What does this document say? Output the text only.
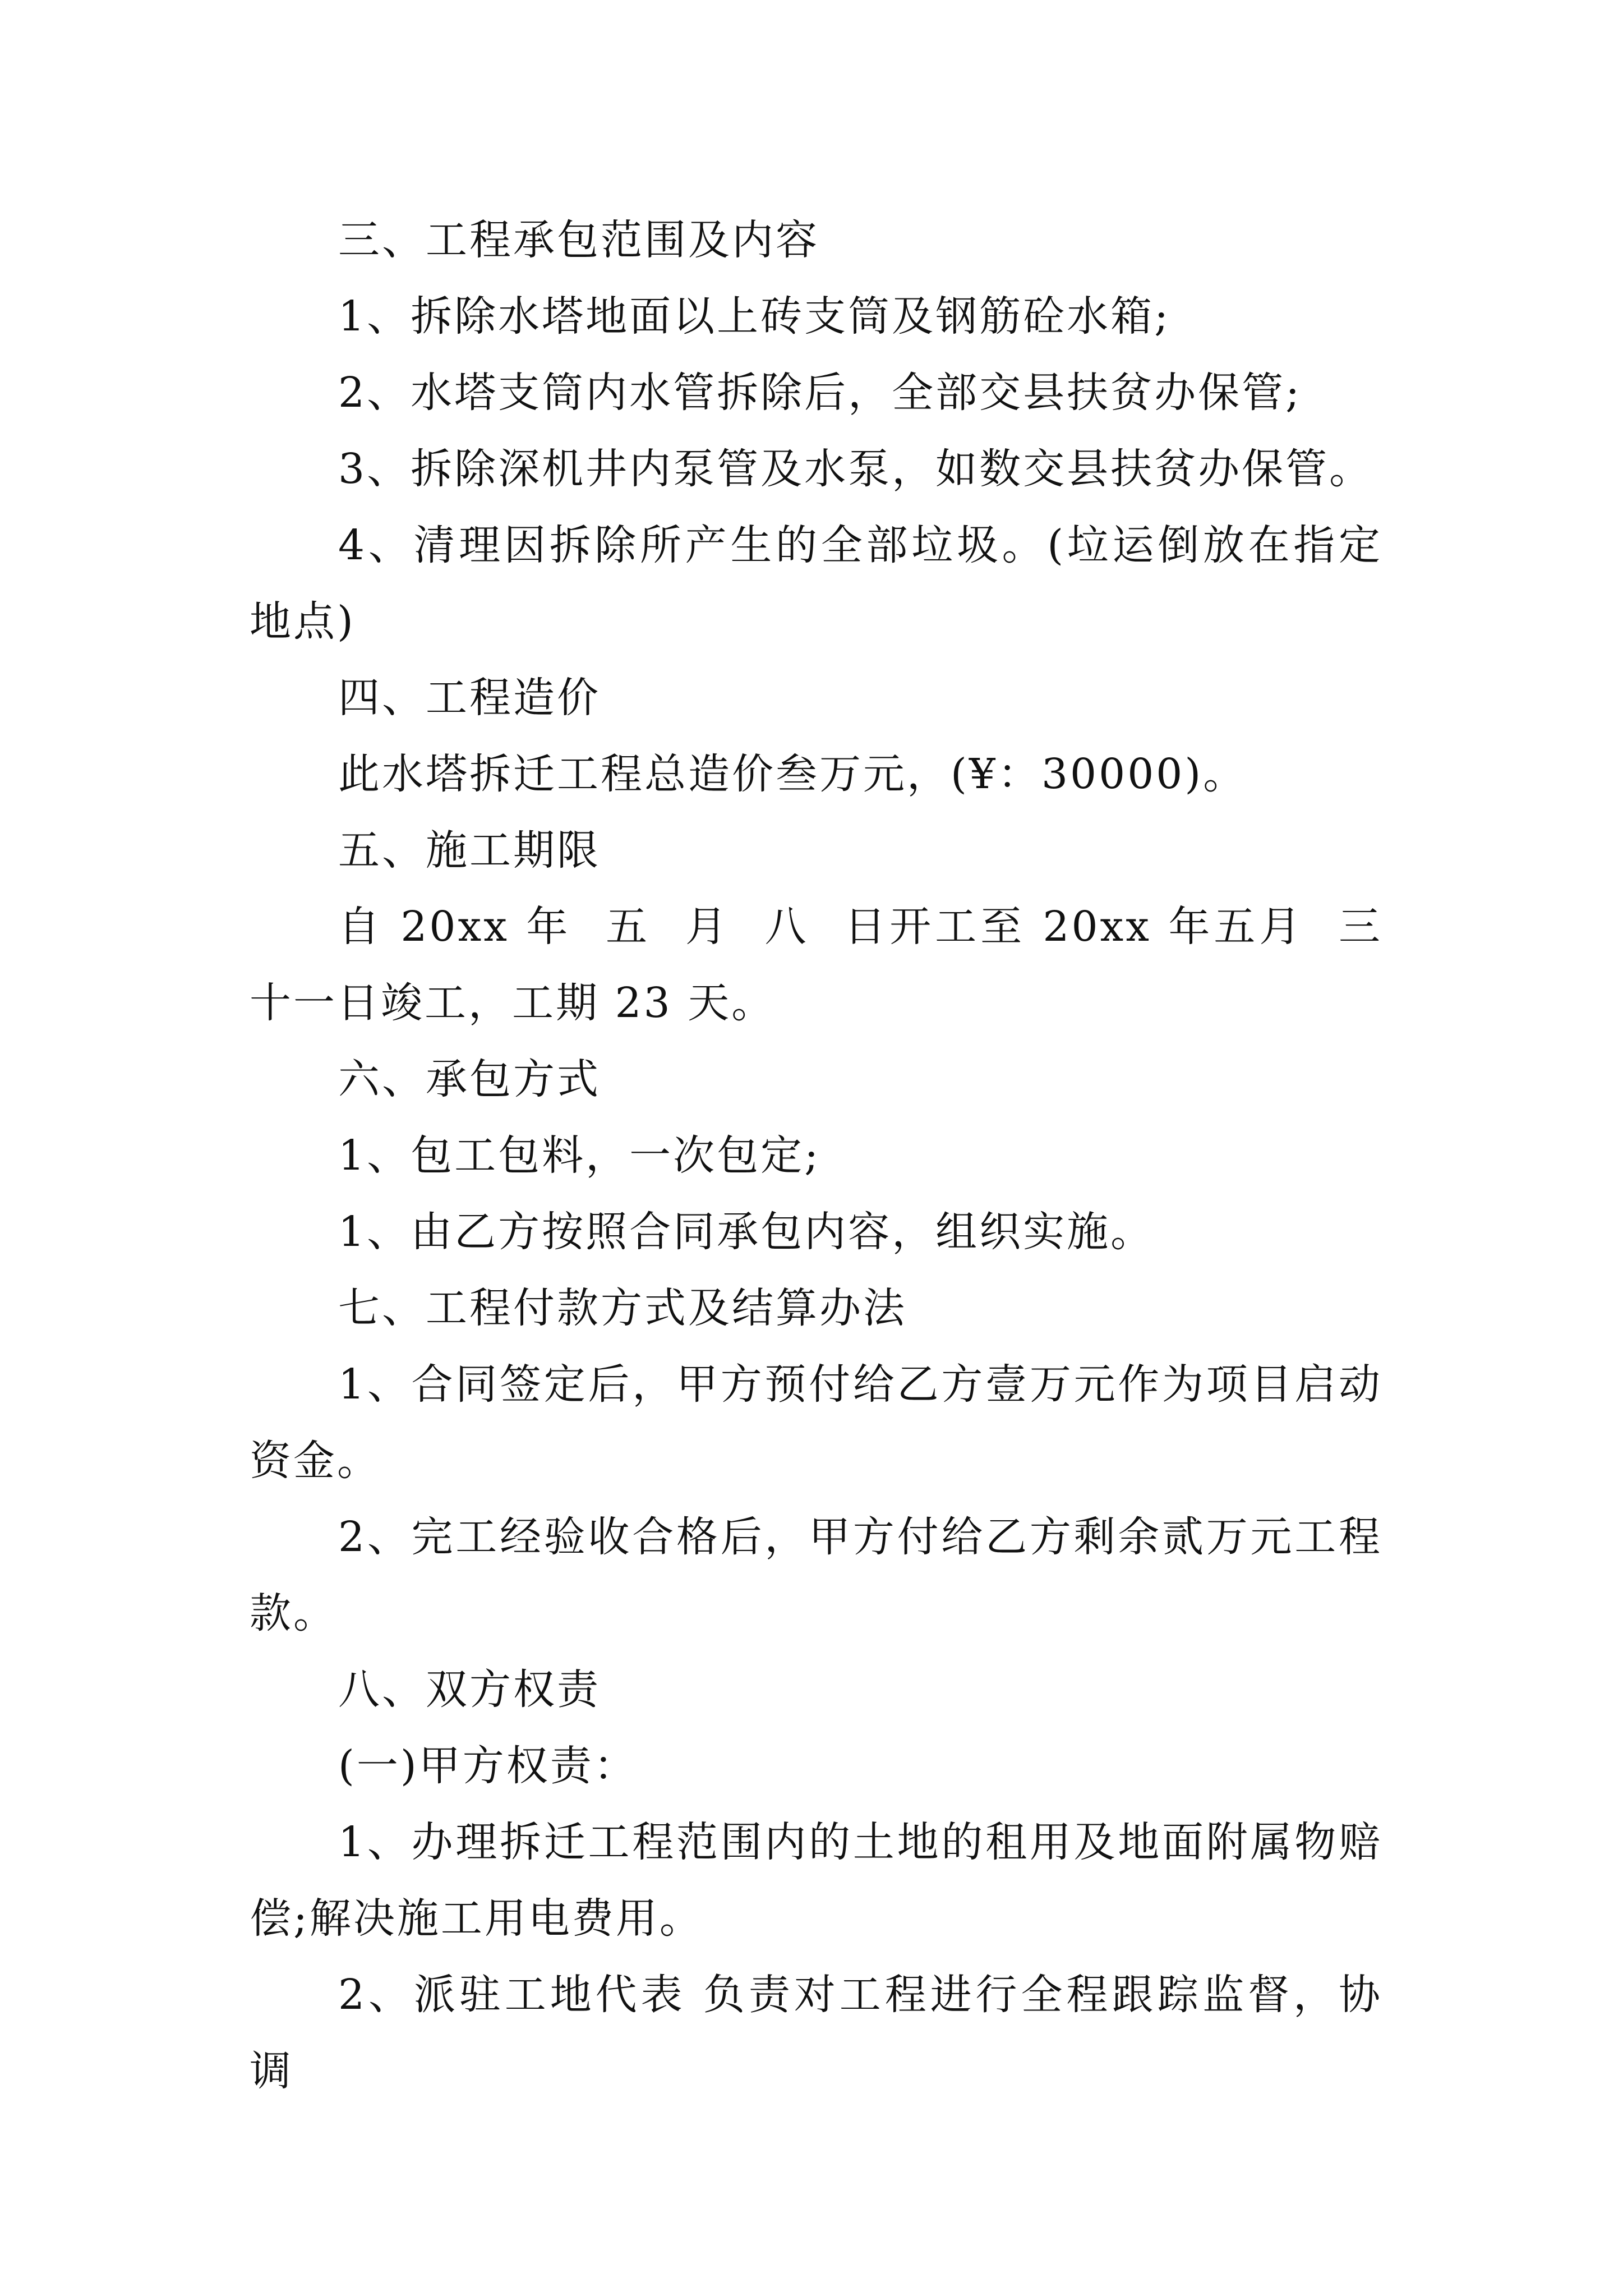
三、工程承包范围及内容

1、拆除水塔地面以上砖支筒及钢筋砼水箱;

2、水塔支筒内水管拆除后，全部交县扶贫办保管;

3、拆除深机井内泵管及水泵，如数交县扶贫办保管。

4、清理因拆除所产生的全部垃圾。(垃运倒放在指定地点)

四、工程造价

此水塔拆迁工程总造价叁万元，(¥：30000)。

五、施工期限

自 20xx 年  五  月  八  日开工至 20xx 年五月  三十一日竣工，工期 23 天。

六、承包方式

1、包工包料，一次包定;

1、由乙方按照合同承包内容，组织实施。

七、工程付款方式及结算办法

1、合同签定后，甲方预付给乙方壹万元作为项目启动资金。

2、完工经验收合格后，甲方付给乙方剩余贰万元工程款。

八、双方权责

(一)甲方权责：

1、办理拆迁工程范围内的土地的租用及地面附属物赔偿;解决施工用电费用。

2、派驻工地代表 负责对工程进行全程跟踪监督，协调
